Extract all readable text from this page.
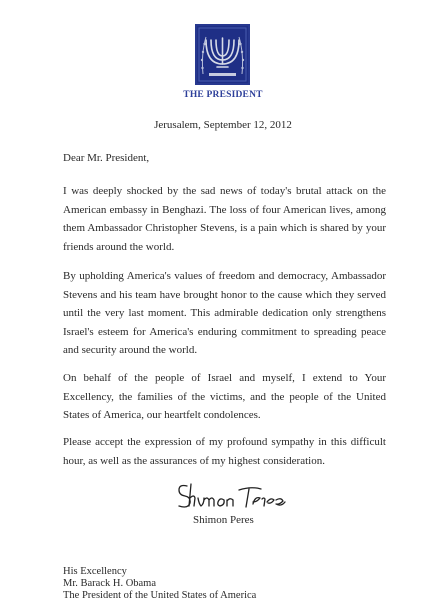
THE PRESIDENT
Jerusalem, September 12, 2012
Dear Mr. President,
I was deeply shocked by the sad news of today's brutal attack on the American embassy in Benghazi. The loss of four American lives, among them Ambassador Christopher Stevens, is a pain which is shared by your friends around the world.
By upholding America's values of freedom and democracy, Ambassador Stevens and his team have brought honor to the cause which they served until the very last moment. This admirable dedication only strengthens Israel's esteem for America's enduring commitment to spreading peace and security around the world.
On behalf of the people of Israel and myself, I extend to Your Excellency, the families of the victims, and the people of the United States of America, our heartfelt condolences.
Please accept the expression of my profound sympathy in this difficult hour, as well as the assurances of my highest consideration.
Shimon Peres
His Excellency
Mr. Barack H. Obama
The President of the United States of America
